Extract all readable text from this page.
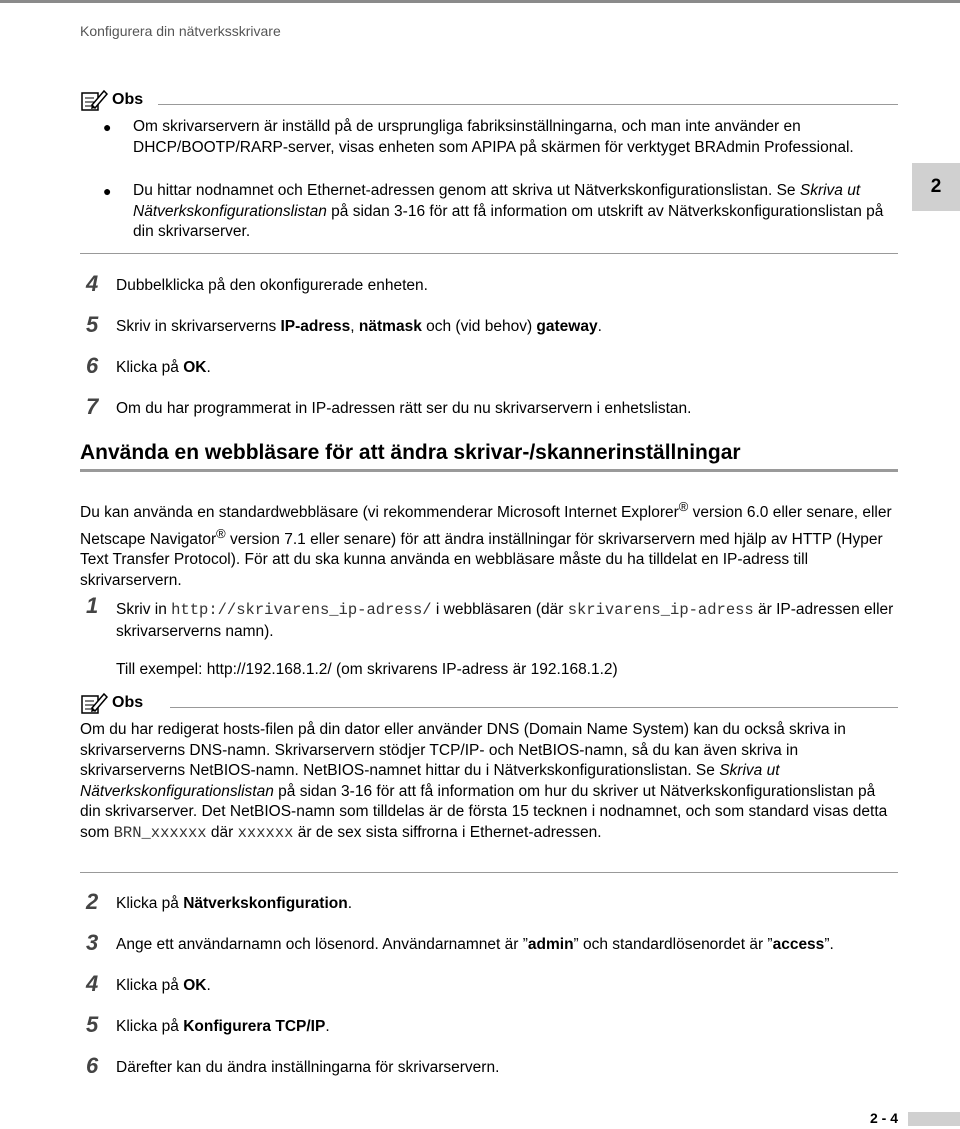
Konfigurera din nätverksskrivare
2
Obs
● Om skrivarservern är inställd på de ursprungliga fabriksinställningarna, och man inte använder en DHCP/BOOTP/RARP-server, visas enheten som APIPA på skärmen för verktyget BRAdmin Professional.
● Du hittar nodnamnet och Ethernet-adressen genom att skriva ut Nätverkskonfigurationslistan. Se Skriva ut Nätverkskonfigurationslistan på sidan 3-16 för att få information om utskrift av Nätverkskonfigurationslistan på din skrivarserver.
4 Dubbelklicka på den okonfigurerade enheten.
5 Skriv in skrivarserverns IP-adress, nätmask och (vid behov) gateway.
6 Klicka på OK.
7 Om du har programmerat in IP-adressen rätt ser du nu skrivarservern i enhetslistan.
Använda en webbläsare för att ändra skrivar-/skannerinställningar
Du kan använda en standardwebbläsare (vi rekommenderar Microsoft Internet Explorer® version 6.0 eller senare, eller Netscape Navigator® version 7.1 eller senare) för att ändra inställningar för skrivarservern med hjälp av HTTP (Hyper Text Transfer Protocol). För att du ska kunna använda en webbläsare måste du ha tilldelat en IP-adress till skrivarservern.
1 Skriv in http://skrivarens_ip-adress/ i webbläsaren (där skrivarens_ip-adress är IP-adressen eller skrivarserverns namn).
Till exempel: http://192.168.1.2/ (om skrivarens IP-adress är 192.168.1.2)
Obs
Om du har redigerat hosts-filen på din dator eller använder DNS (Domain Name System) kan du också skriva in skrivarserverns DNS-namn. Skrivarservern stödjer TCP/IP- och NetBIOS-namn, så du kan även skriva in skrivarserverns NetBIOS-namn. NetBIOS-namnet hittar du i Nätverkskonfigurationslistan. Se Skriva ut Nätverkskonfigurationslistan på sidan 3-16 för att få information om hur du skriver ut Nätverkskonfigurationslistan på din skrivarserver. Det NetBIOS-namn som tilldelas är de första 15 tecknen i nodnamnet, och som standard visas detta som BRN_xxxxxx där xxxxxx är de sex sista siffrorna i Ethernet-adressen.
2 Klicka på Nätverkskonfiguration.
3 Ange ett användarnamn och lösenord. Användarnamnet är ”admin” och standardlösenordet är ”access”.
4 Klicka på OK.
5 Klicka på Konfigurera TCP/IP.
6 Därefter kan du ändra inställningarna för skrivarservern.
2 - 4
